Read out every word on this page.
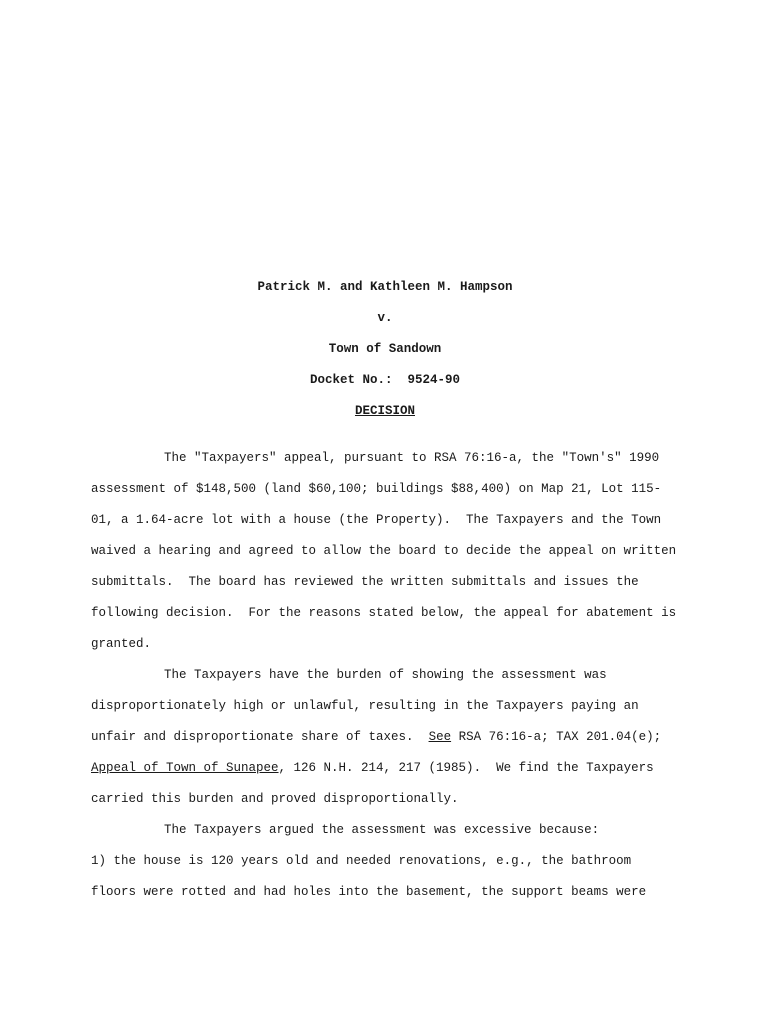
Patrick M. and Kathleen M. Hampson
v.
Town of Sandown
Docket No.:  9524-90
DECISION
The "Taxpayers" appeal, pursuant to RSA 76:16-a, the "Town's" 1990
assessment of $148,500 (land $60,100; buildings $88,400) on Map 21, Lot 115-
01, a 1.64-acre lot with a house (the Property).  The Taxpayers and the Town
waived a hearing and agreed to allow the board to decide the appeal on written
submittals.  The board has reviewed the written submittals and issues the
following decision.  For the reasons stated below, the appeal for abatement is
granted.
The Taxpayers have the burden of showing the assessment was
disproportionately high or unlawful, resulting in the Taxpayers paying an
unfair and disproportionate share of taxes.  See RSA 76:16-a; TAX 201.04(e);
Appeal of Town of Sunapee, 126 N.H. 214, 217 (1985).  We find the Taxpayers
carried this burden and proved disproportionally.
The Taxpayers argued the assessment was excessive because:
1) the house is 120 years old and needed renovations, e.g., the bathroom
floors were rotted and had holes into the basement, the support beams were
